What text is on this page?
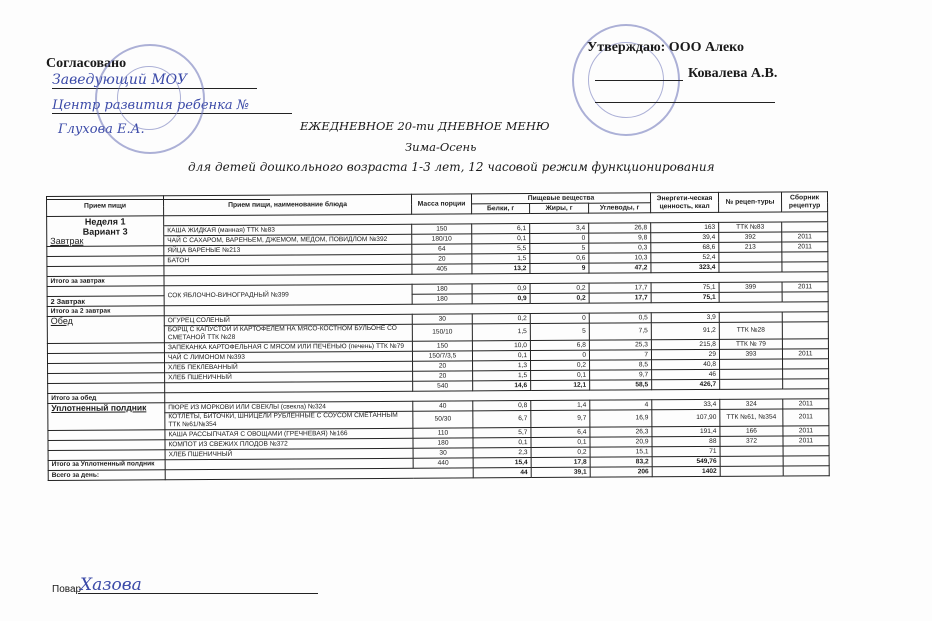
Согласовано
Заведующий МОУ
Центр развития ребенка №
Глухова Е.А.
Утверждаю: ООО Алеко
Ковалева А.В.
ЕЖЕДНЕВНОЕ 20-ти ДНЕВНОЕ МЕНЮ
Зима-Осень
для детей дошкольного возраста 1-3 лет, 12 часовой режим функционирования
Прием пищи	Прием пищи, наименование блюда	Масса порции	Пищевые вещества			Энергети-ческая ценность, ккал	№ рецеп-туры	Сборник рецептур
			Белки, г	Жиры, г	Углеводы, г			
Неделя 1								
Вариант 3	КАША ЖИДКАЯ (манная) ТТК №83	150	6,1	3,4	26,8	163	ТТК №83	
Завтрак	ЧАЙ С САХАРОМ, ВАРЕНЬЕМ, ДЖЕМОМ, МЕДОМ, ПОВИДЛОМ №392	180/10	0,1	0	9,8	39,4	392	2011
	ЯЙЦА ВАРЕНЫЕ №213	64	5,5	5	0,3	68,6	213	2011
	БАТОН	20	1,5	0,6	10,3	52,4		
		405	13,2	9	47,2	323,4		
Итого за завтрак								
	СОК ЯБЛОЧНО-ВИНОГРАДНЫЙ №399	180	0,9	0,2	17,7	75,1	399	2011
2 Завтрак		180	0,9	0,2	17,7	75,1		
Итого за 2 завтрак								
Обед	ОГУРЕЦ СОЛЕНЫЙ	30	0,2	0	0,5	3,9		
	БОРЩ С КАПУСТОЙ И КАРТОФЕЛЕМ НА МЯСО-КОСТНОМ БУЛЬОНЕ СО СМЕТАНОЙ ТТК №28	150/10	1,5	5	7,5	91,2	ТТК №28	
	ЗАПЕКАНКА КАРТОФЕЛЬНАЯ С МЯСОМ ИЛИ ПЕЧЕНЬЮ (печень) ТТК №79	150	10,0	6,8	25,3	215,8	ТТК № 79	
	ЧАЙ С ЛИМОНОМ №393	150/7/3,5	0,1	0	7	29	393	2011
	ХЛЕБ ПЕКЛЕВАННЫЙ	20	1,3	0,2	8,5	40,8		
	ХЛЕБ ПШЕНИЧНЫЙ	20	1,5	0,1	9,7	46		
		540	14,6	12,1	58,5	426,7		
Итого за обед								
Уплотненный полдник	ПЮРЕ ИЗ МОРКОВИ ИЛИ СВЕКЛЫ (свекла) №324	40	0,8	1,4	4	33,4	324	2011
	КОТЛЕТЫ, БИТОЧКИ, ШНИЦЕЛИ РУБЛЕННЫЕ С СОУСОМ СМЕТАННЫМ ТТК №61/№354	50/30	6,7	9,7	16,9	107,90	ТТК №61, №354	2011
	КАША РАССЫПЧАТАЯ С ОВОЩАМИ (ГРЕЧНЕВАЯ) №166	110	5,7	6,4	26,3	191,4	166	2011
	КОМПОТ ИЗ СВЕЖИХ ПЛОДОВ №372	180	0,1	0,1	20,9	88	372	2011
	ХЛЕБ ПШЕНИЧНЫЙ	30	2,3	0,2	15,1	71		
Итого за Уплотненный полдник		440	15,4	17,8	83,2	549,76		
Всего за день:			44	39,1	206	1402		
Повар
Хазова
